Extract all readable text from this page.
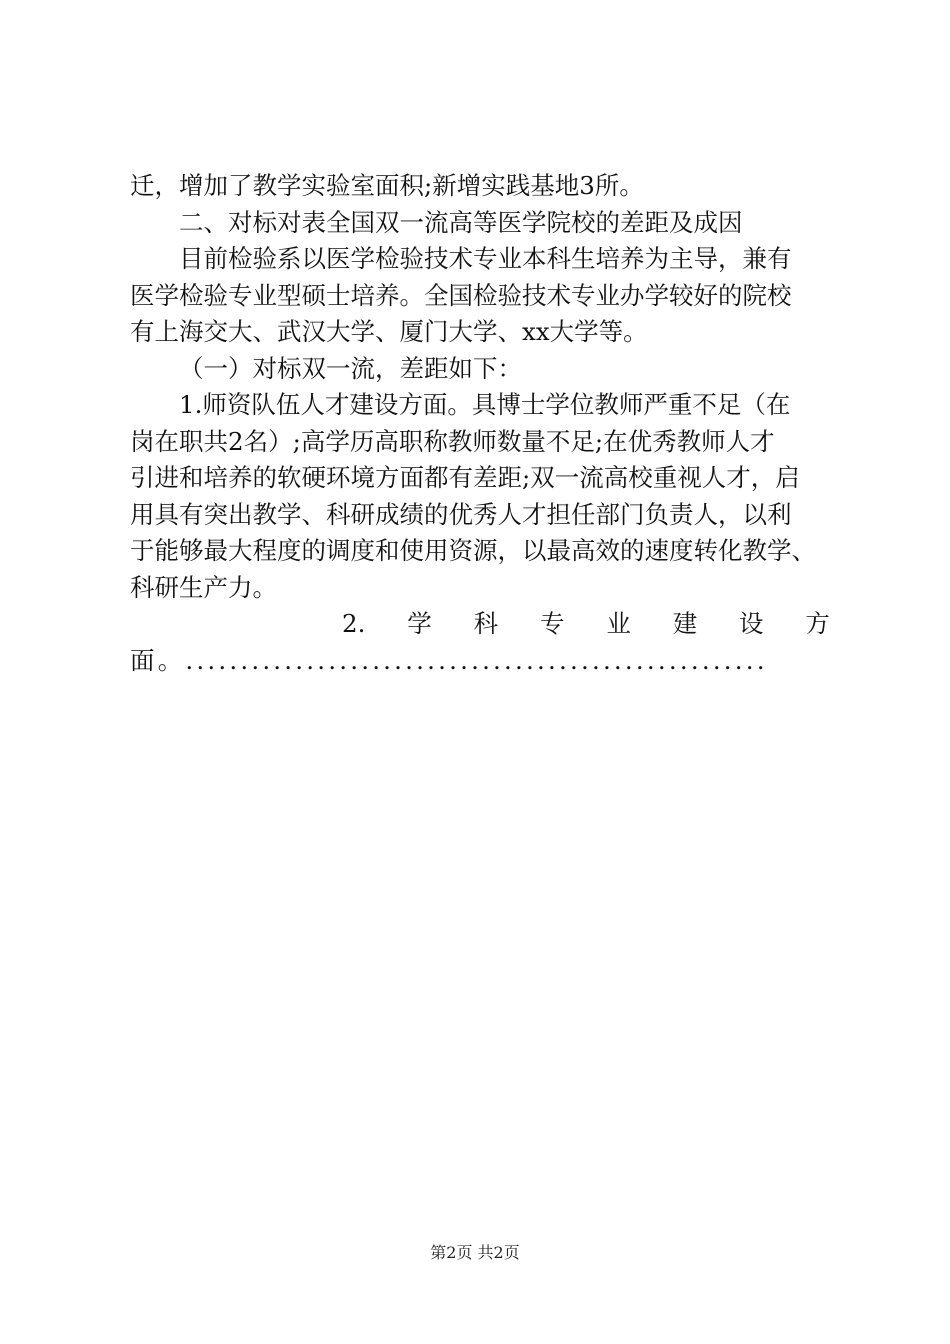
迁，增加了教学实验室面积;新增实践基地3所。
二、对标对表全国双一流高等医学院校的差距及成因
目前检验系以医学检验技术专业本科生培养为主导，兼有
医学检验专业型硕士培养。全国检验技术专业办学较好的院校
有上海交大、武汉大学、厦门大学、xx大学等。
（一）对标双一流，差距如下：
1.师资队伍人才建设方面。具博士学位教师严重不足（在
岗在职共2名）;高学历高职称教师数量不足;在优秀教师人才
引进和培养的软硬环境方面都有差距;双一流高校重视人才，启
用具有突出教学、科研成绩的优秀人才担任部门负责人，以利
于能够最大程度的调度和使用资源，以最高效的速度转化教学、
科研生产力。
2. 学 科 专 业 建 设 方
面。.....................................................
第2页 共2页
